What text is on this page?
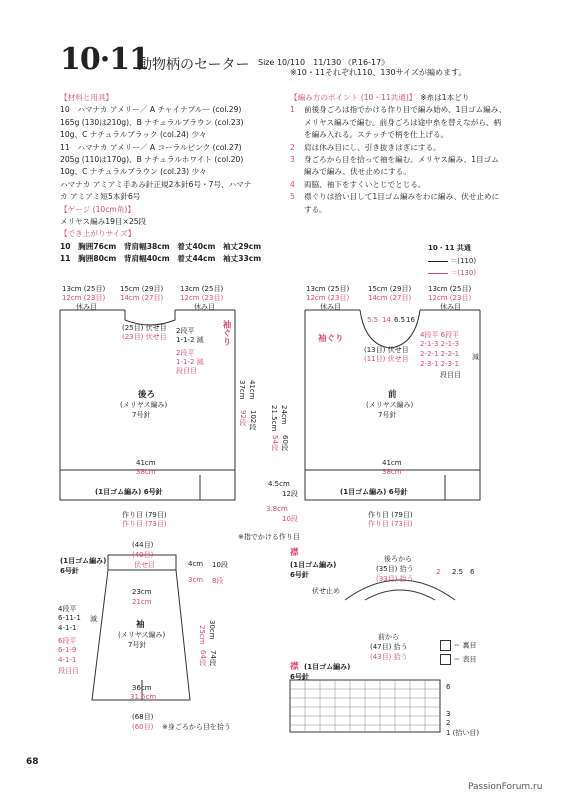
10·11
動物柄のセーター Size 10/110　11/130 《P.16-17》
※10・11それぞれ110、130サイズが編めます。
【材料と用具】
10　ハマナカ アメリー／ A チャイナブルー (col.29)
165g (130は210g)、B ナチュラルブラウン (col.23)
10g、C ナチュラルブラック (col.24) 少々
11　ハマナカ アメリー／ A コーラルピンク (col.27)
205g (110は170g)、B ナチュラルホワイト (col.20)
10g、C ナチュラルブラウン (col.23) 少々
ハマナカ アミアミ手あみ針正規2本針6号・7号、ハマナ
カ アミアミ短5本針6号
【ゲージ (10cm角)】
メリヤス編み19目×25段
【でき上がりサイズ】
10　胸囲76cm　背肩幅38cm　着丈40cm　袖丈29cm
11　胸囲80cm　背肩幅40cm　着丈44cm　袖丈33cm
【編み方のポイント (10・11共通)】　 ※糸は1本どり
1 前後身ごろは指でかける作り目で編み始め、1目ゴム編み、
メリヤス編みで編む。前身ごろは途中糸を替えながら、柄
を編み入れる。ステッチで柄を仕上げる。
2 肩は休み目にし、引き抜きはぎにする。
3 身ごろから目を拾って袖を編む。メリヤス編み、1目ゴム
編みで編み、伏せ止めにする。
4 両脇、袖下をすくいとじでとじる。
5 襟ぐりは拾い目して1目ゴム編みをわに編み、伏せ止めに
する。
10・11 共通
＝(110)
＝(130)
13cm (25目) 15cm (29目) 13cm (25目)
12cm (23目) 14cm (27目) 12cm (23目)
休み目	休み目
(25目) 伏せ目
(23目) 伏せ目
2段平
1-1-2 減
2段平
1-1-2 減
段目目
袖ぐり
後ろ
(メリヤス編み)
7号針
41cm
38cm
(1目ゴム編み) 6号針
作り目 (79目)
作り目 (73目)
37cm 41cm
92段 102段 21.5cm 24cm
54段 60段
4.5cm
12段
3.8cm
10段
13cm (25目)	15cm (29目) 13cm (25目)
12cm (23目)	14cm (27目) 12cm (23目)
休み目	休み目
5.5 14 6.5 16
袖ぐり
(13目) 伏せ目
(11目) 伏せ目
4段平 6段平
2-1-3 2-1-3
2-2-1 2-2-1
2-3-1 2-3-1
減
段目目
前
(メリヤス編み)
7号針
41cm
38cm
(1目ゴム編み) 6号針
作り目 (79目)
作り目 (73目)
※指でかける作り目
(44目)
(40目)
伏せ目
(1目ゴム編み)
6号針
4cm 10段
3cm 8段
23cm
21cm
4段平
6-11-1
4-1-1
減
6段平
6-1-9
4-1-1
段目目
袖
(メリヤス編み)
7号針
25cm 30cm
64段 74段
36cm
31.5cm
(68目)
(60目) ※身ごろから目を拾う
襟
(1目ゴム編み)
6号針
後ろから
(35目) 拾う
(33目) 拾う
伏せ止め
2 2.5 6
前から
(47目) 拾う
(43目) 拾う
＝ 裏目
＝ 表目
襟 (1目ゴム編み)
6号針
6
3
2
1 (拾い目)
68
PassionForum.ru
